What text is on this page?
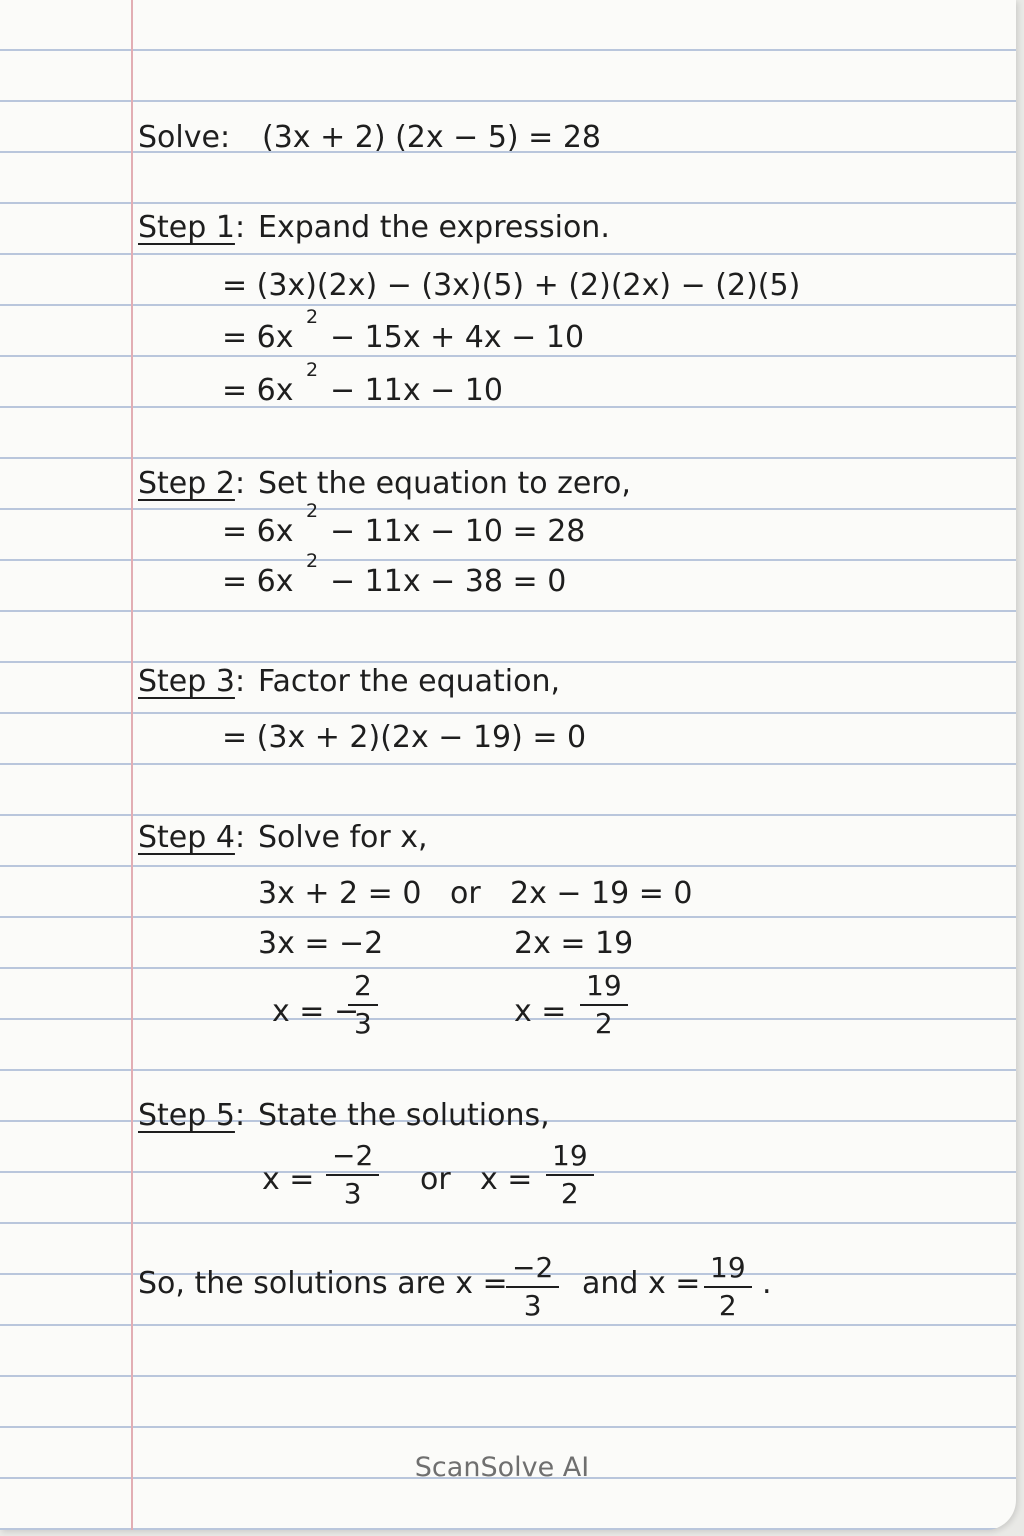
Solve: (3x + 2) (2x − 5) = 28
Step 1: Expand the expression.
= (3x)(2x) − (3x)(5) + (2)(2x) − (2)(5)
= 6x
2
− 15x + 4x − 10
= 6x
2
− 11x − 10
Step 2: Set the equation to zero,
= 6x
2
− 11x − 10 = 28
= 6x
2
− 11x − 38 = 0
Step 3: Factor the equation,
= (3x + 2)(2x − 19) = 0
Step 4: Solve for x,
3x + 2 = 0 or 2x − 19 = 0
3x = −2	2x = 19
x = −
$\frac{2}{3}$	$x = \frac{19}{2}$
Step 5: State the solutions,
$x = \frac{-2}{3}$ or $x = \frac{19}{2}$
So, the solutions are x =
$\frac{-2}{3}$ and $x = \frac{19}{2}$ .
ScanSolve AI
